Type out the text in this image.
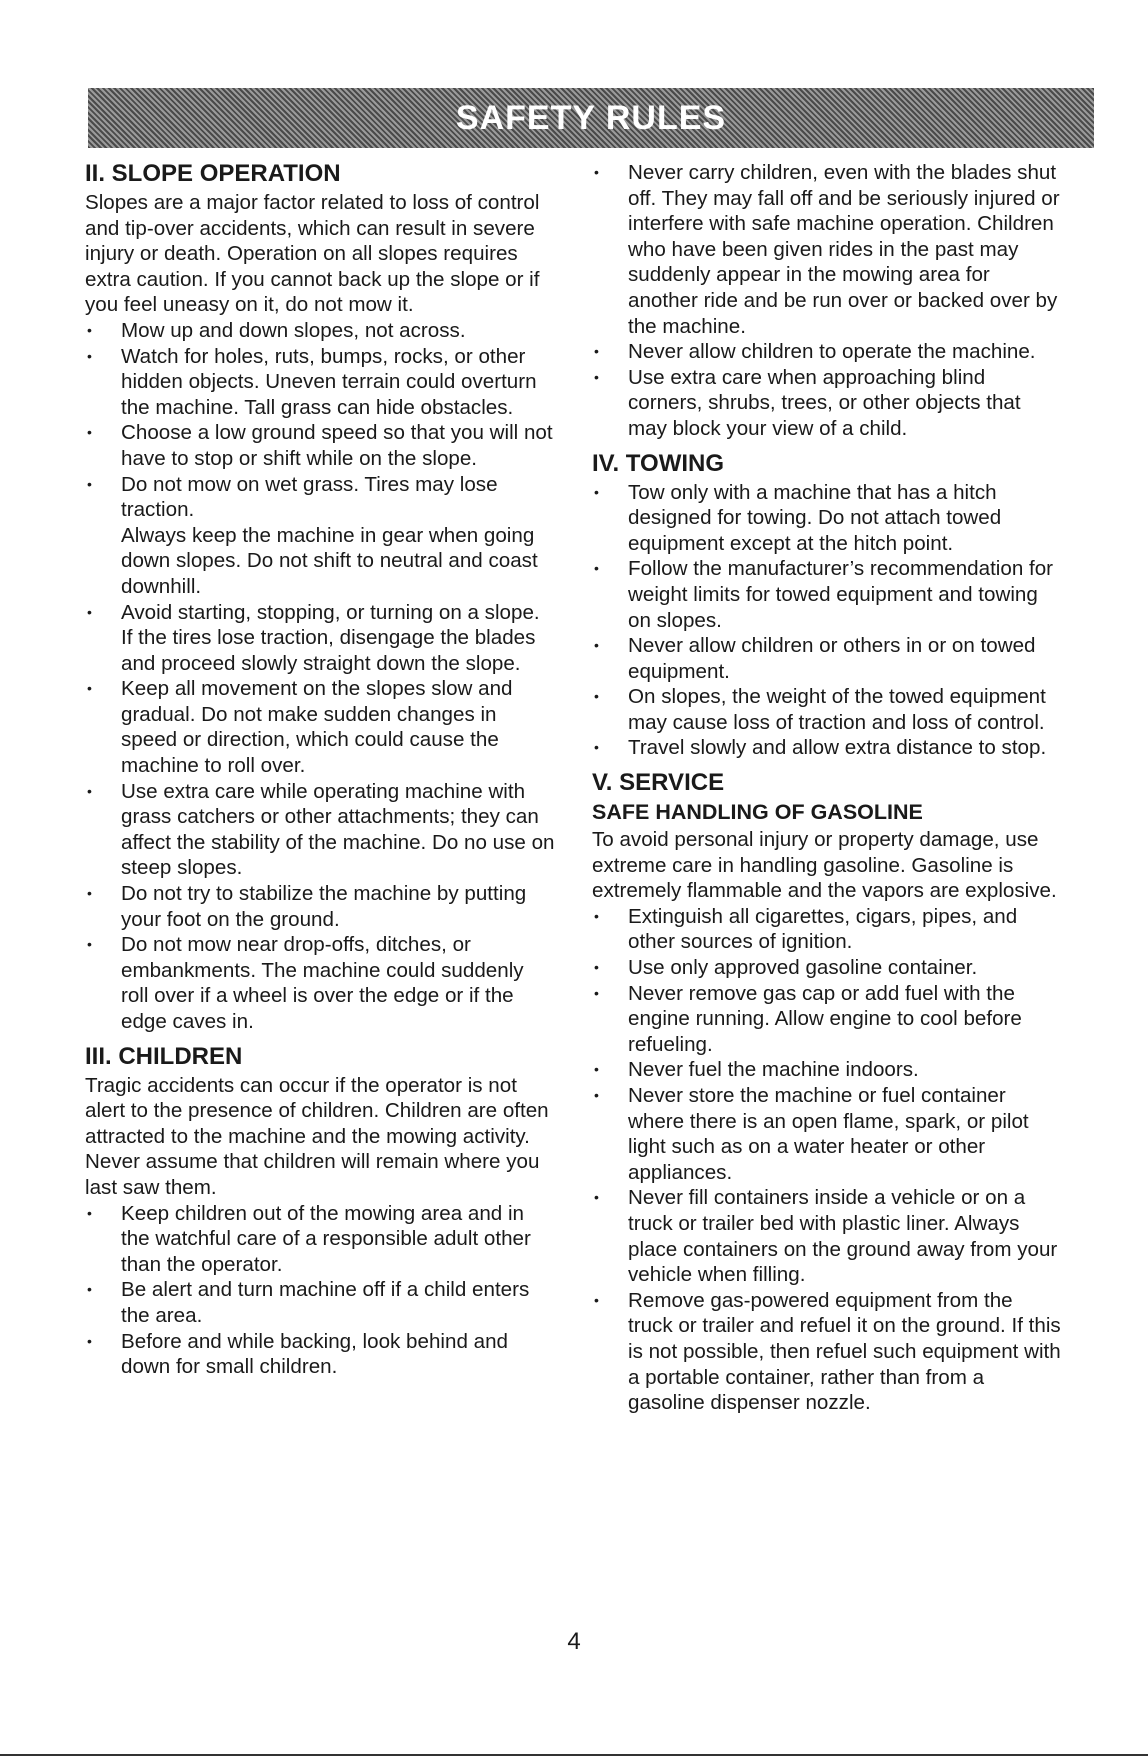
SAFETY RULES
II. SLOPE OPERATION

Slopes are a major factor related to loss of control and tip-over accidents, which can result in severe injury or death. Operation on all slopes requires extra caution. If you cannot back up the slope or if you feel uneasy on it, do not mow it.

• Mow up and down slopes, not across.
• Watch for holes, ruts, bumps, rocks, or other hidden objects. Uneven terrain could overturn the machine. Tall grass can hide obstacles.
• Choose a low ground speed so that you will not have to stop or shift while on the slope.
• Do not mow on wet grass. Tires may lose traction.
Always keep the machine in gear when going down slopes. Do not shift to neutral and coast downhill.
• Avoid starting, stopping, or turning on a slope. If the tires lose traction, disengage the blades and proceed slowly straight down the slope.
• Keep all movement on the slopes slow and gradual. Do not make sudden changes in speed or direction, which could cause the machine to roll over.
• Use extra care while operating machine with grass catchers or other attachments; they can affect the stability of the machine. Do no use on steep slopes.
• Do not try to stabilize the machine by putting your foot on the ground.
• Do not mow near drop-offs, ditches, or embankments. The machine could suddenly roll over if a wheel is over the edge or if the edge caves in.
III. CHILDREN

Tragic accidents can occur if the operator is not alert to the presence of children. Children are often attracted to the machine and the mowing activity. Never assume that children will remain where you last saw them.

• Keep children out of the mowing area and in the watchful care of a responsible adult other than the operator.
• Be alert and turn machine off if a child enters the area.
• Before and while backing, look behind and down for small children.
• Never carry children, even with the blades shut off. They may fall off and be seriously injured or interfere with safe machine operation. Children who have been given rides in the past may suddenly appear in the mowing area for another ride and be run over or backed over by the machine.
• Never allow children to operate the machine.
• Use extra care when approaching blind corners, shrubs, trees, or other objects that may block your view of a child.
IV. TOWING
• Tow only with a machine that has a hitch designed for towing. Do not attach towed equipment except at the hitch point.
• Follow the manufacturer’s recommendation for weight limits for towed equipment and towing on slopes.
• Never allow children or others in or on towed equipment.
• On slopes, the weight of the towed equipment may cause loss of traction and loss of control.
• Travel slowly and allow extra distance to stop.
V. SERVICE
SAFE HANDLING OF GASOLINE

To avoid personal injury or property damage, use extreme care in handling gasoline. Gasoline is extremely flammable and the vapors are explosive.

• Extinguish all cigarettes, cigars, pipes, and other sources of ignition.
• Use only approved gasoline container.
• Never remove gas cap or add fuel with the engine running. Allow engine to cool before refueling.
• Never fuel the machine indoors.
• Never store the machine or fuel container where there is an open flame, spark, or pilot light such as on a water heater or other appliances.
• Never fill containers inside a vehicle or on a truck or trailer bed with plastic liner. Always place containers on the ground away from your vehicle when filling.
• Remove gas-powered equipment from the truck or trailer and refuel it on the ground. If this is not possible, then refuel such equipment with a portable container, rather than from a gasoline dispenser nozzle.
4
